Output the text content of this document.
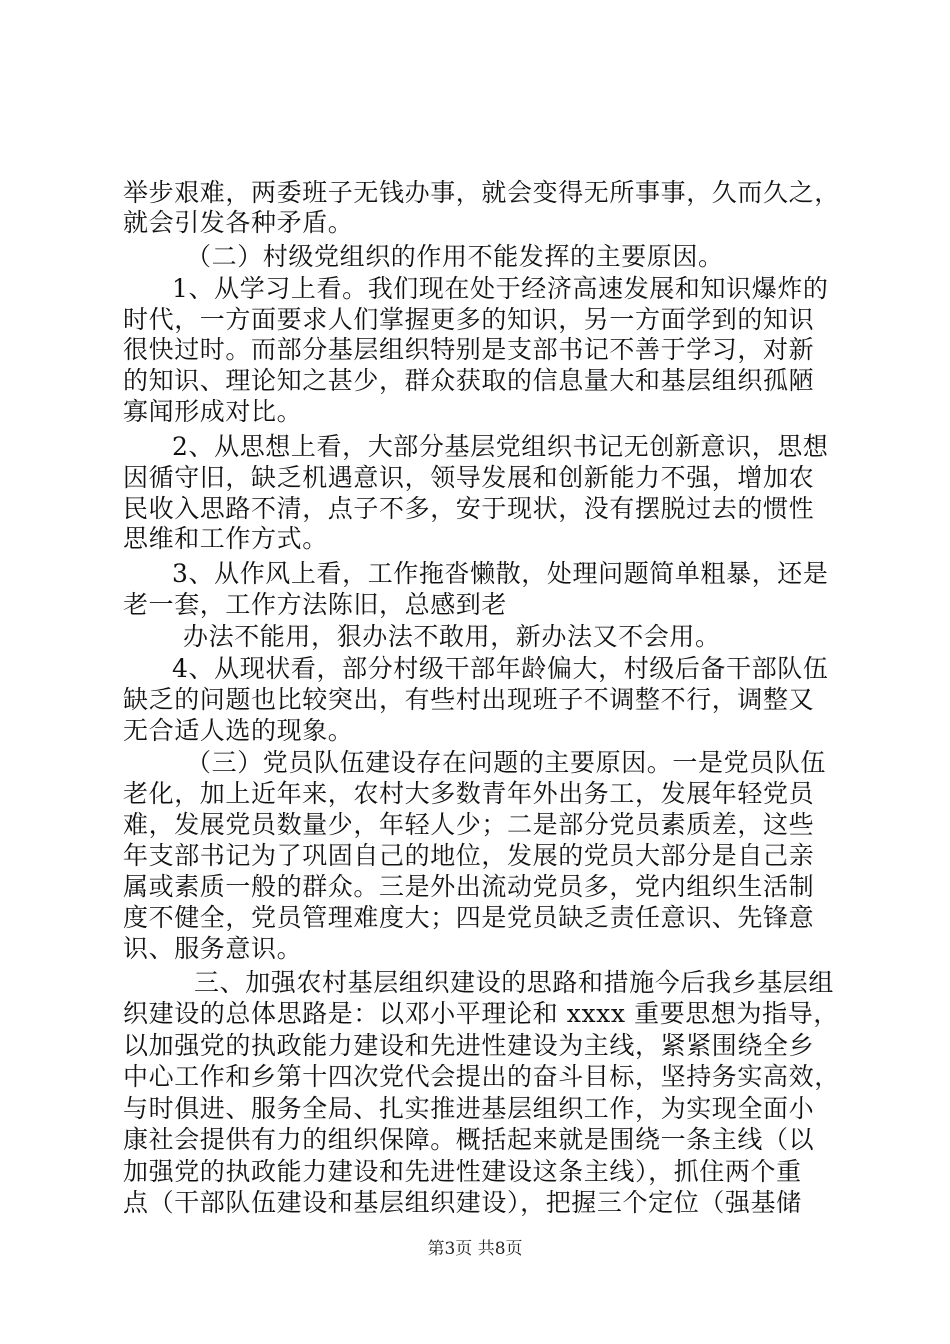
举步艰难，两委班子无钱办事，就会变得无所事事，久而久之，
就会引发各种矛盾。
（二）村级党组织的作用不能发挥的主要原因。
1、从学习上看。我们现在处于经济高速发展和知识爆炸的
时代，一方面要求人们掌握更多的知识，另一方面学到的知识
很快过时。而部分基层组织特别是支部书记不善于学习，对新
的知识、理论知之甚少，群众获取的信息量大和基层组织孤陋
寡闻形成对比。
2、从思想上看，大部分基层党组织书记无创新意识，思想
因循守旧，缺乏机遇意识，领导发展和创新能力不强，增加农
民收入思路不清，点子不多，安于现状，没有摆脱过去的惯性
思维和工作方式。
3、从作风上看，工作拖沓懒散，处理问题简单粗暴，还是
老一套，工作方法陈旧，总感到老
办法不能用，狠办法不敢用，新办法又不会用。
4、从现状看，部分村级干部年龄偏大，村级后备干部队伍
缺乏的问题也比较突出，有些村出现班子不调整不行，调整又
无合适人选的现象。
（三）党员队伍建设存在问题的主要原因。一是党员队伍
老化，加上近年来，农村大多数青年外出务工，发展年轻党员
难，发展党员数量少，年轻人少；二是部分党员素质差，这些
年支部书记为了巩固自己的地位，发展的党员大部分是自己亲
属或素质一般的群众。三是外出流动党员多，党内组织生活制
度不健全，党员管理难度大；四是党员缺乏责任意识、先锋意
识、服务意识。
三、加强农村基层组织建设的思路和措施今后我乡基层组
织建设的总体思路是：以邓小平理论和 xxxx 重要思想为指导，
以加强党的执政能力建设和先进性建设为主线，紧紧围绕全乡
中心工作和乡第十四次党代会提出的奋斗目标，坚持务实高效，
与时俱进、服务全局、扎实推进基层组织工作，为实现全面小
康社会提供有力的组织保障。概括起来就是围绕一条主线（以
加强党的执政能力建设和先进性建设这条主线），抓住两个重
点（干部队伍建设和基层组织建设），把握三个定位（强基储
第3页 共8页
